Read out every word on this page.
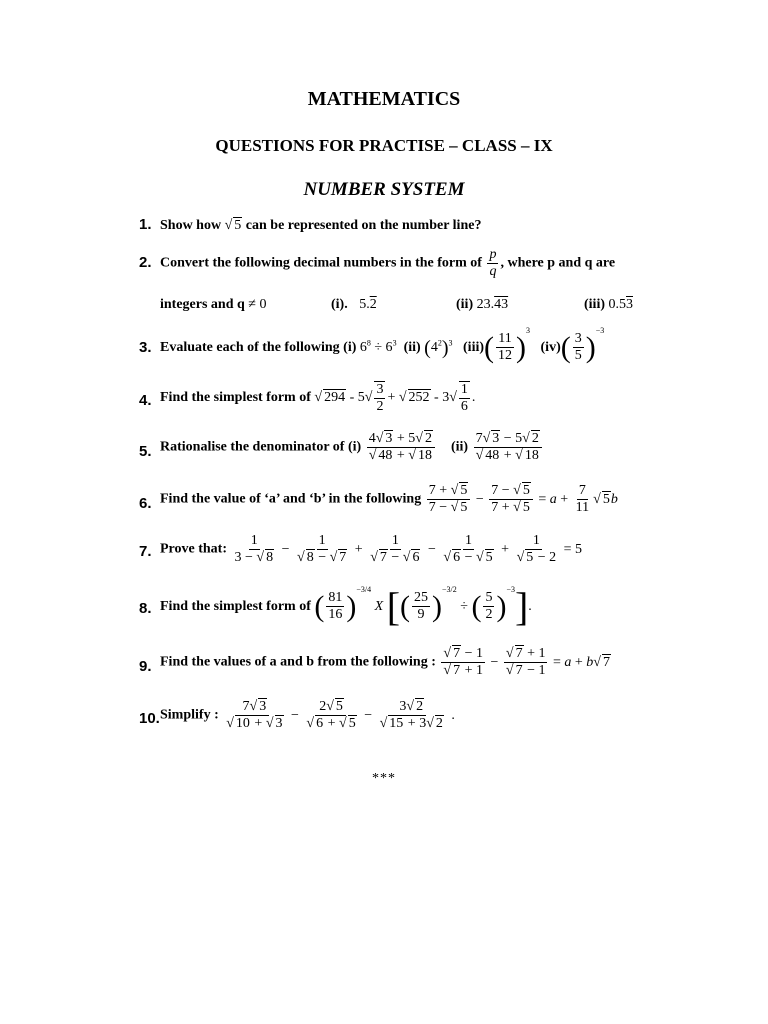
MATHEMATICS
QUESTIONS FOR PRACTISE – CLASS – IX
NUMBER SYSTEM
1. Show how √ 5 can be represented on the number line?
2. Convert the following decimal numbers in the form of $\frac{p}{q}$ , where p and q are
integers and q ≠ 0	(i). 5.2	(ii) 23.43	(iii) 0.53
3. Evaluate each of the following (i) $6^8 \div 6^3$ (ii) $(4^2)^3$ $(iii)( \frac{11}{12} )^3$   $(iv)( \frac{3}{5} )^{-3}$
4. Find the simplest form of √ $294 - 5√ \frac{3}{2}$ + √ $252 - 3√ \frac{1}{6}$ .
5. Rationalise the denominator of (i) 4 √ 3 + 5 √ 2
√ 48 + √ 18 (ii) 7 √ 3 − 5 √ 2
√ 48 + √ 18
6. Find the value of ‘a’ and ‘b’ in the following $\frac{7 + √ 5}{7 - √ 5} - \frac{7 - √ 5}{7 + √ 5} = a + \frac{7}{11}$ √ 5b
7. Prove that: $\frac{1}{3 - √ 8} - 1$
√ 8 − √ 7 + 1
√ 7 − √ 6 − 1
√ 6 − √ 5 + 1
√ 5 − 2 = 5
8. Find the simplest form of ( $\frac{81}{16} )^{-3/4}$ X [( $\frac{25}{9} )^{-3/2}$ ÷ ( $\frac{5}{2} )^{-3}$].
9. Find the values of a and b from the following : √ 7 − 1
√ 7 + 1 − √ 7 + 1
√ 7 − 1 = a + b √ 7
10. Simplify : 7 √ 3
√ 10 + √ 3 − 2 √ 5
√ 6 + √ 5 − 3 √ 2
√ 15 + 3 √ 2 .
***
